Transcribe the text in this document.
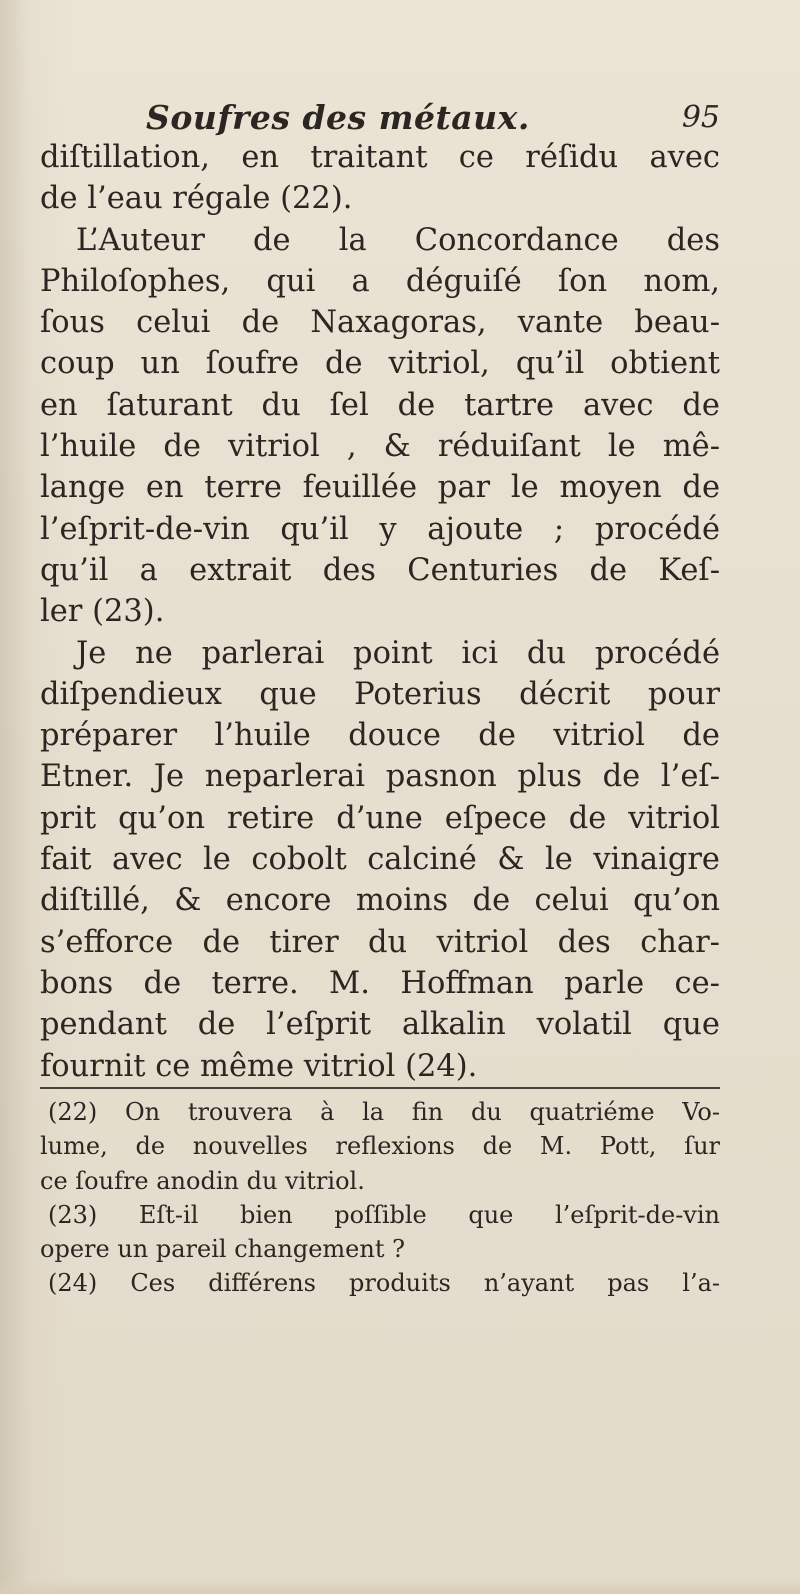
Soufres des métaux.	95
diſtillation, en traitant ce réſidu avec
de l’eau régale (22).
L’Auteur de la Concordance des
Philoſophes, qui a déguiſé ſon nom,
ſous celui de Naxagoras, vante beau-
coup un ſoufre de vitriol, qu’il obtient
en ſaturant du ſel de tartre avec de
l’huile de vitriol , & réduiſant le mê-
lange en terre feuillée par le moyen de
l’eſprit-de-vin qu’il y ajoute ; procédé
qu’il a extrait des Centuries de Keſ-
ler (23).
Je ne parlerai point ici du procédé
diſpendieux que Poterius décrit pour
préparer l’huile douce de vitriol de
Etner. Je neparlerai pasnon plus de l’eſ-
prit qu’on retire d’une eſpece de vitriol
fait avec le cobolt calciné & le vinaigre
diſtillé, & encore moins de celui qu’on
s’efforce de tirer du vitriol des char-
bons de terre. M. Hoffman parle ce-
pendant de l’eſprit alkalin volatil que
fournit ce même vitriol (24).
(22) On trouvera à la fin du quatriéme Vo-
lume, de nouvelles reflexions de M. Pott, ſur
ce ſoufre anodin du vitriol.
(23) Eſt-il bien poſſible que l’eſprit-de-vin
opere un pareil changement ?
(24) Ces différens produits n’ayant pas l’a-
